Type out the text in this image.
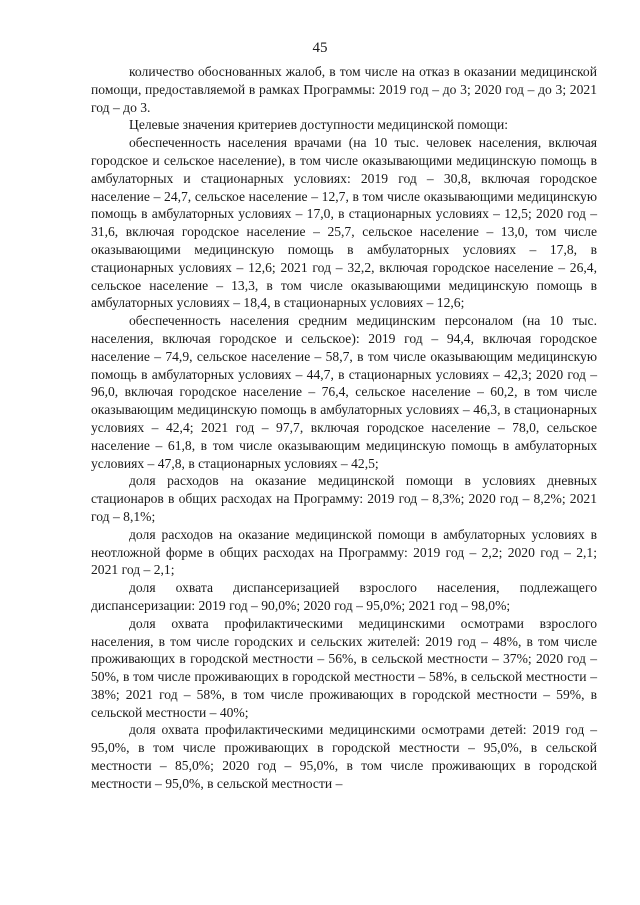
45

количество обоснованных жалоб, в том числе на отказ в оказании медицинской помощи, предоставляемой в рамках Программы: 2019 год – до 3; 2020 год – до 3; 2021 год – до 3.

Целевые значения критериев доступности медицинской помощи:

обеспеченность населения врачами (на 10 тыс. человек населения, включая городское и сельское население), в том числе оказывающими медицинскую помощь в амбулаторных и стационарных условиях: 2019 год – 30,8, включая городское население – 24,7, сельское население – 12,7, в том числе оказывающими медицинскую помощь в амбулаторных условиях – 17,0, в стационарных условиях – 12,5; 2020 год – 31,6, включая городское население – 25,7, сельское население – 13,0, том числе оказывающими медицинскую помощь в амбулаторных условиях – 17,8, в стационарных условиях – 12,6; 2021 год – 32,2, включая городское население – 26,4, сельское население – 13,3, в том числе оказывающими медицинскую помощь в амбулаторных условиях – 18,4, в стационарных условиях – 12,6;

обеспеченность населения средним медицинским персоналом (на 10 тыс. населения, включая городское и сельское): 2019 год – 94,4, включая городское население – 74,9, сельское население – 58,7, в том числе оказывающим медицинскую помощь в амбулаторных условиях – 44,7, в стационарных условиях – 42,3; 2020 год – 96,0, включая городское население – 76,4, сельское население – 60,2, в том числе оказывающим медицинскую помощь в амбулаторных условиях – 46,3, в стационарных условиях – 42,4; 2021 год – 97,7, включая городское население – 78,0, сельское население – 61,8, в том числе оказывающим медицинскую помощь в амбулаторных условиях – 47,8, в стационарных условиях – 42,5;

доля расходов на оказание медицинской помощи в условиях дневных стационаров в общих расходах на Программу: 2019 год – 8,3%; 2020 год – 8,2%; 2021 год – 8,1%;

доля расходов на оказание медицинской помощи в амбулаторных условиях в неотложной форме в общих расходах на Программу: 2019 год – 2,2; 2020 год – 2,1; 2021 год – 2,1;

доля охвата диспансеризацией взрослого населения, подлежащего диспансеризации: 2019 год – 90,0%; 2020 год – 95,0%; 2021 год – 98,0%;

доля охвата профилактическими медицинскими осмотрами взрослого населения, в том числе городских и сельских жителей: 2019 год – 48%, в том числе проживающих в городской местности – 56%, в сельской местности – 37%; 2020 год – 50%, в том числе проживающих в городской местности – 58%, в сельской местности – 38%; 2021 год – 58%, в том числе проживающих в городской местности – 59%, в сельской местности – 40%;

доля охвата профилактическими медицинскими осмотрами детей: 2019 год – 95,0%, в том числе проживающих в городской местности – 95,0%, в сельской местности – 85,0%; 2020 год – 95,0%, в том числе проживающих в городской местности – 95,0%, в сельской местности –
